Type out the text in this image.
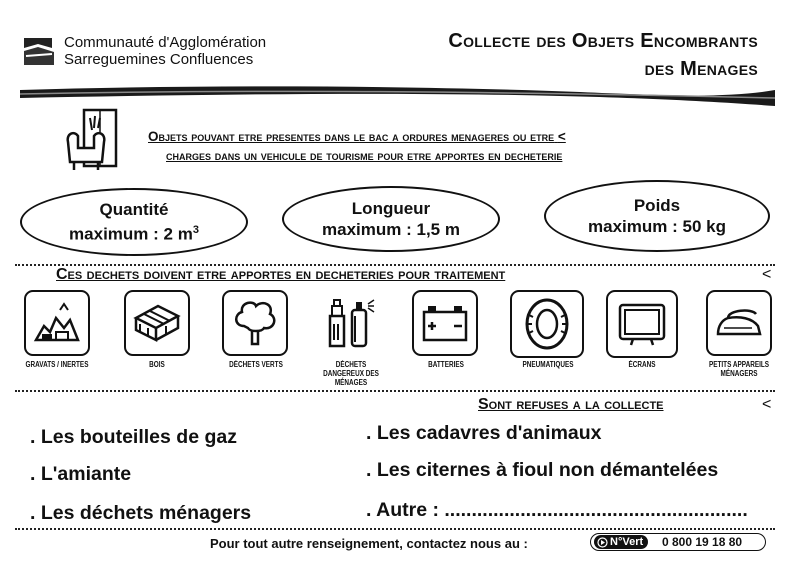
Communauté d'Agglomération
Sarreguemines Confluences
Collecte des Objets Encombrants
des Menages
Objets pouvant etre presentes dans le bac a ordures menageres ou etre <
charges dans un vehicule de tourisme pour etre apportes en decheterie
Quantité
maximum : 2 $m^3$
Longueur
maximum : 1,5 m
Poids
maximum : 50 kg
Ces dechets doivent etre apportes en decheteries pour traitement	<
GRAVATS / INERTES	BOIS	DÉCHETS VERTS	DÉCHETS DANGEREUX DES MÉNAGES
BATTERIES	PNEUMATIQUES	ÉCRANS	PETITS APPAREILS MÉNAGERS
Sont refuses a la collecte	<
. Les bouteilles de gaz
. L'amiante
. Les déchets ménagers
. Les cadavres d'animaux
. Les citernes à fioul non démantelées
. Autre : ........................................................
Pour tout autre renseignement, contactez nous au :	N°Vert 0 800 19 18 80
